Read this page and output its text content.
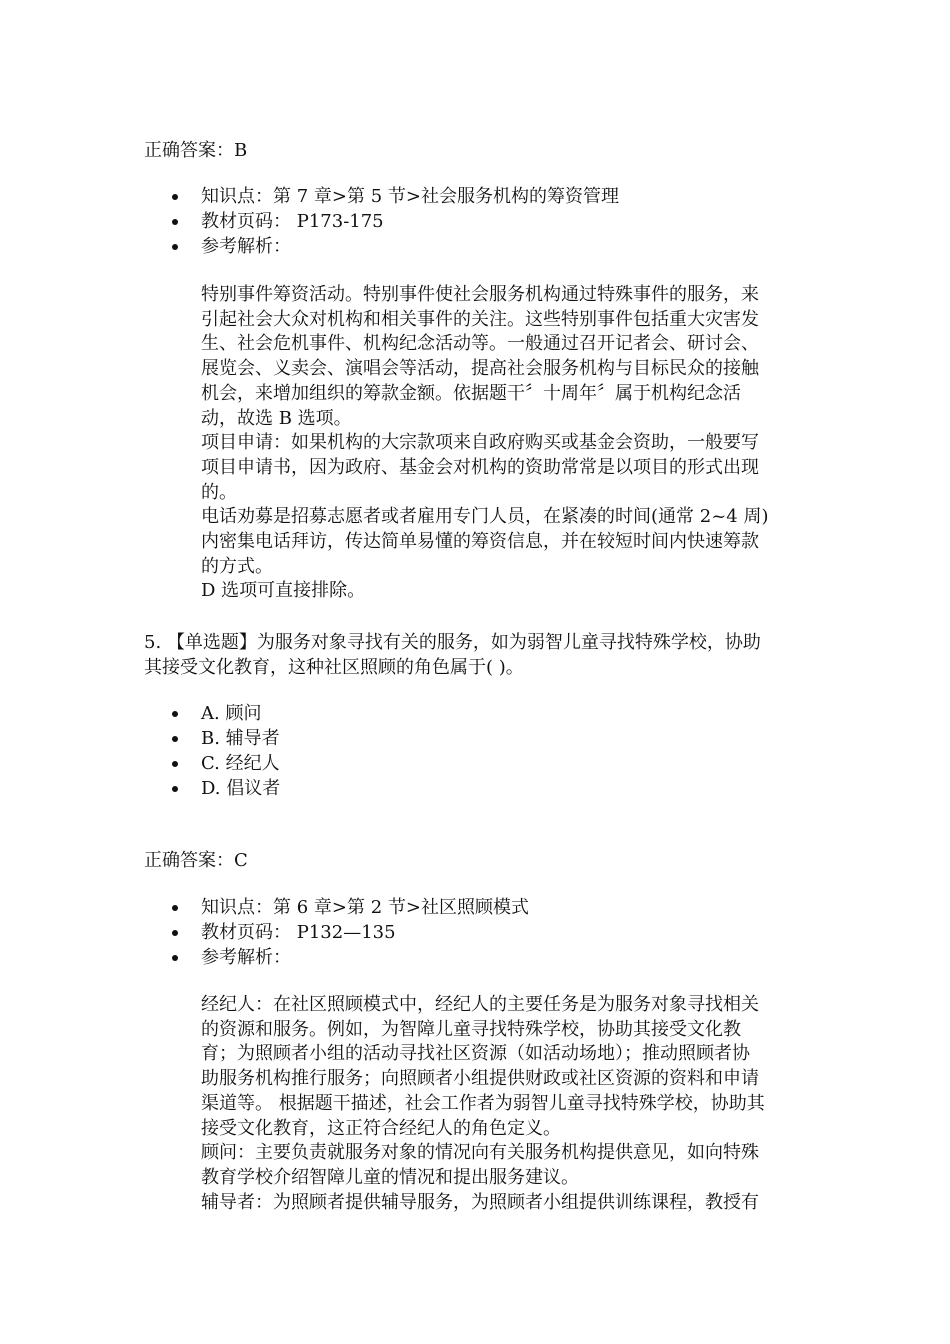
正确答案：B
知识点：第 7 章>第 5 节>社会服务机构的筹资管理
教材页码： P173-175
参考解析：

特别事件筹资活动。特别事件使社会服务机构通过特殊事件的服务，来

引起社会大众对机构和相关事件的关注。这些特别事件包括重大灾害发

生、社会危机事件、机构纪念活动等。一般通过召开记者会、研讨会、

展览会、义卖会、演唱会等活动，提高社会服务机构与目标民众的接触

机会，来增加组织的筹款金额。依据题干〞十周年〞属于机构纪念活

动，故选 B 选项。

项目申请：如果机构的大宗款项来自政府购买或基金会资助，一般要写

项目申请书，因为政府、基金会对机构的资助常常是以项目的形式出现

的。

电话劝募是招募志愿者或者雇用专门人员，在紧凑的时间(通常 2~4 周)

内密集电话拜访，传达简单易懂的筹资信息，并在较短时间内快速筹款

的方式。

D 选项可直接排除。

5. 【单选题】为服务对象寻找有关的服务，如为弱智儿童寻找特殊学校，协助

其接受文化教育，这种社区照顾的角色属于( )。

A. 顾问
B. 辅导者
C. 经纪人
D. 倡议者
正确答案：C
知识点：第 6 章>第 2 节>社区照顾模式
教材页码： P132—135
参考解析：

经纪人：在社区照顾模式中，经纪人的主要任务是为服务对象寻找相关

的资源和服务。例如，为智障儿童寻找特殊学校，协助其接受文化教

育；为照顾者小组的活动寻找社区资源（如活动场地）；推动照顾者协

助服务机构推行服务；向照顾者小组提供财政或社区资源的资料和申请

渠道等。 根据题干描述，社会工作者为弱智儿童寻找特殊学校，协助其

接受文化教育，这正符合经纪人的角色定义。

顾问：主要负责就服务对象的情况向有关服务机构提供意见，如向特殊

教育学校介绍智障儿童的情况和提出服务建议。

辅导者：为照顾者提供辅导服务，为照顾者小组提供训练课程，教授有
